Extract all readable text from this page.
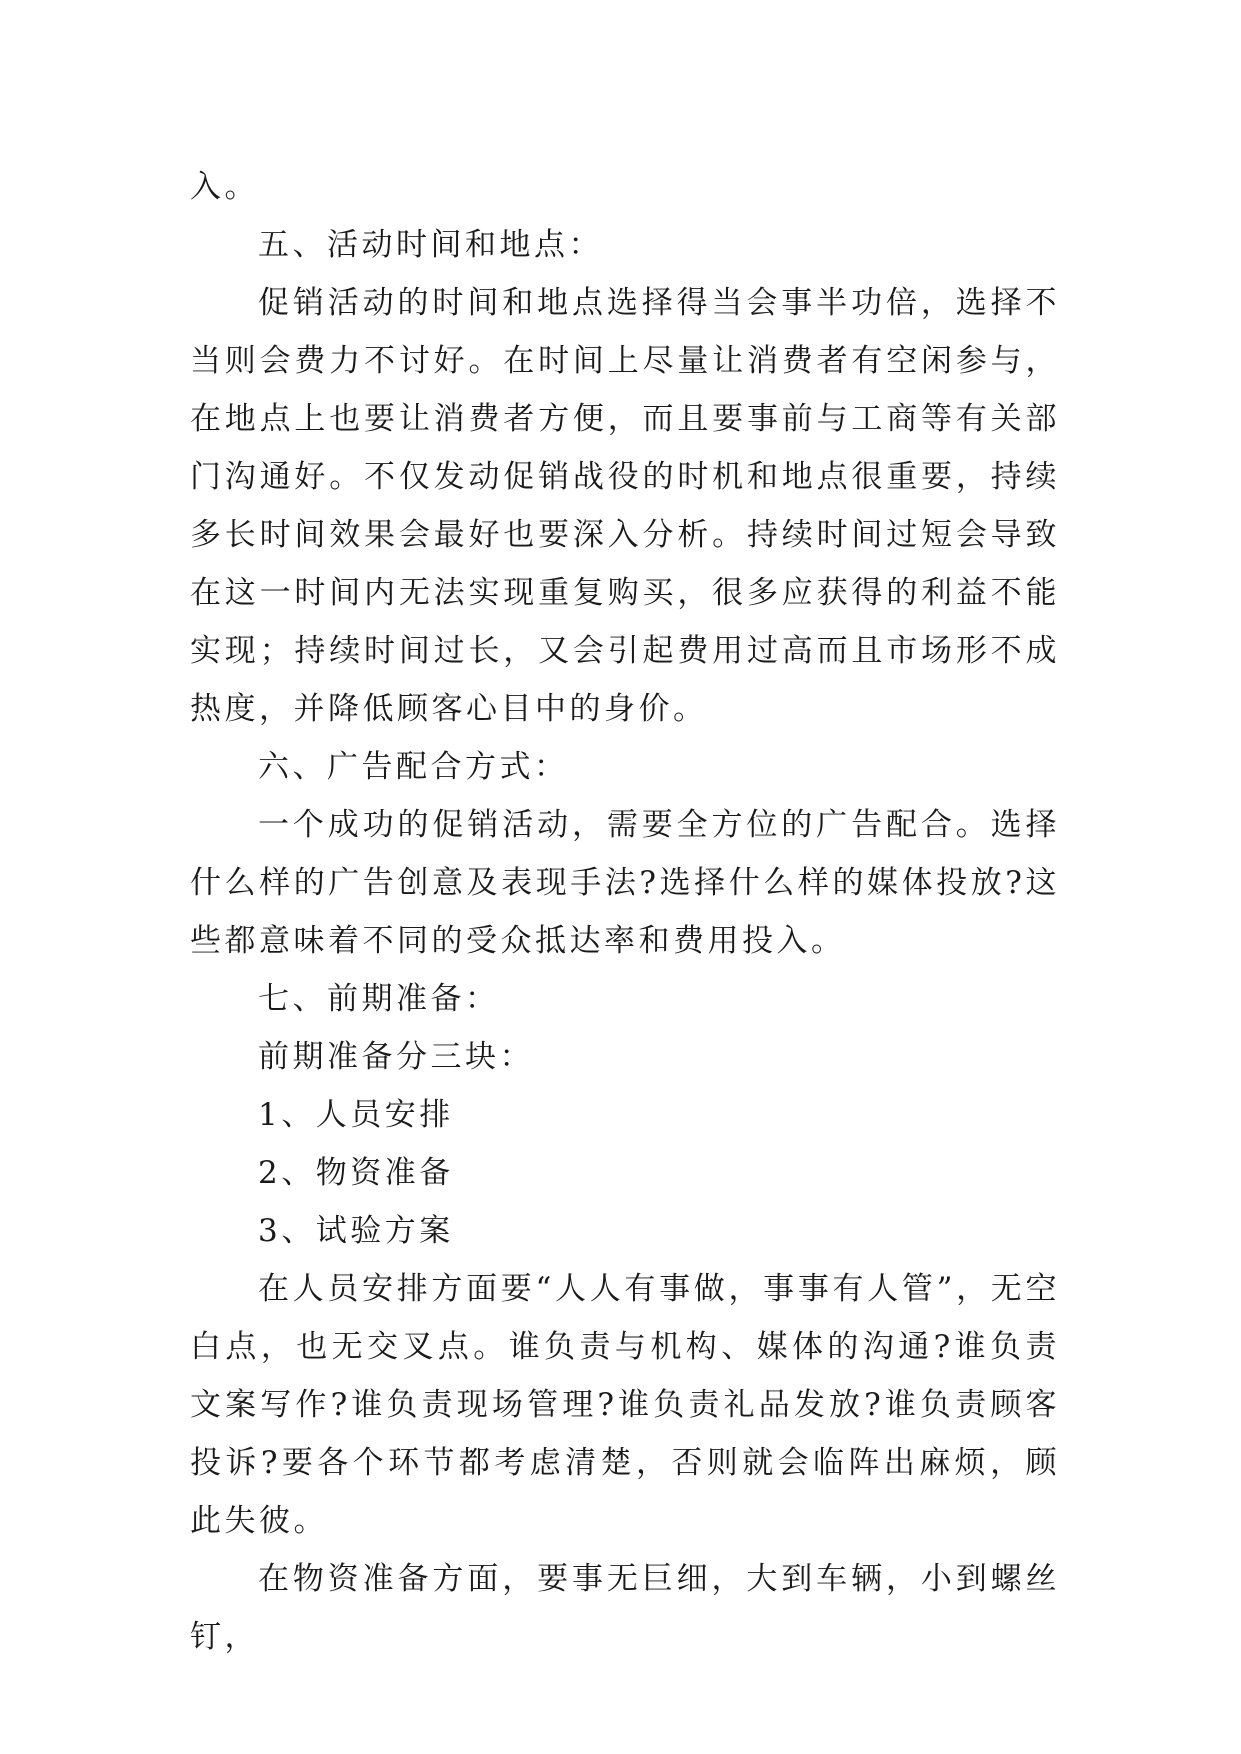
入。

五、活动时间和地点：

促销活动的时间和地点选择得当会事半功倍，选择不当则会费力不讨好。在时间上尽量让消费者有空闲参与，在地点上也要让消费者方便，而且要事前与工商等有关部门沟通好。不仅发动促销战役的时机和地点很重要，持续多长时间效果会最好也要深入分析。持续时间过短会导致在这一时间内无法实现重复购买，很多应获得的利益不能实现；持续时间过长，又会引起费用过高而且市场形不成热度，并降低顾客心目中的身价。

六、广告配合方式：

一个成功的促销活动，需要全方位的广告配合。选择什么样的广告创意及表现手法?选择什么样的媒体投放?这些都意味着不同的受众抵达率和费用投入。

七、前期准备：

前期准备分三块：

1、人员安排

2、物资准备

3、试验方案

在人员安排方面要“人人有事做，事事有人管”，无空白点，也无交叉点。谁负责与机构、媒体的沟通?谁负责文案写作?谁负责现场管理?谁负责礼品发放?谁负责顾客投诉?要各个环节都考虑清楚，否则就会临阵出麻烦，顾此失彼。

在物资准备方面，要事无巨细，大到车辆，小到螺丝钉，
